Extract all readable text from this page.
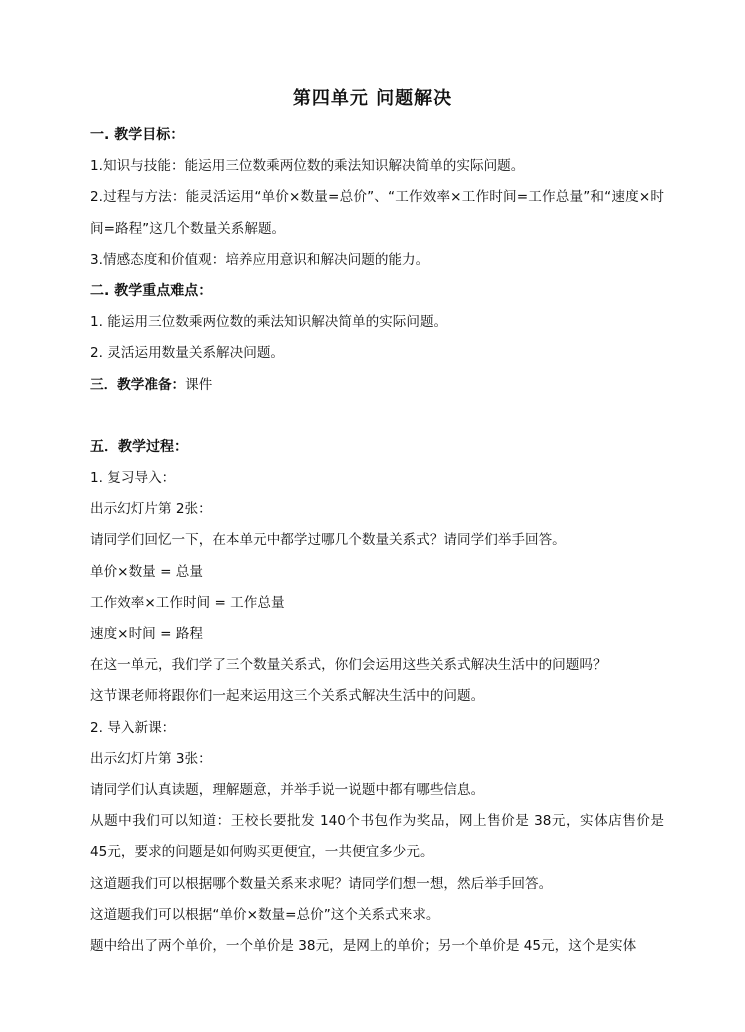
第四单元 问题解决
一. 教学目标：
1.知识与技能：能运用三位数乘两位数的乘法知识解决简单的实际问题。
2.过程与方法：能灵活运用“单价×数量=总价”、“工作效率×工作时间=工作总量”和“速度×时间=路程”这几个数量关系解题。
3.情感态度和价值观：培养应用意识和解决问题的能力。
二. 教学重点难点：
1. 能运用三位数乘两位数的乘法知识解决简单的实际问题。
2. 灵活运用数量关系解决问题。
三．教学准备：课件

五．教学过程：
1. 复习导入：
出示幻灯片第 2张：
请同学们回忆一下，在本单元中都学过哪几个数量关系式？请同学们举手回答。
单价×数量 = 总量
工作效率×工作时间 = 工作总量
速度×时间 = 路程
在这一单元，我们学了三个数量关系式，你们会运用这些关系式解决生活中的问题吗？
这节课老师将跟你们一起来运用这三个关系式解决生活中的问题。
2. 导入新课：
出示幻灯片第 3张：
请同学们认真读题，理解题意，并举手说一说题中都有哪些信息。
从题中我们可以知道：王校长要批发 140个书包作为奖品，网上售价是 38元，实体店售价是 45元，要求的问题是如何购买更便宜，一共便宜多少元。
这道题我们可以根据哪个数量关系来求呢？请同学们想一想，然后举手回答。
这道题我们可以根据“单价×数量=总价”这个关系式来求。
题中给出了两个单价，一个单价是 38元，是网上的单价；另一个单价是 45元，这个是实体
